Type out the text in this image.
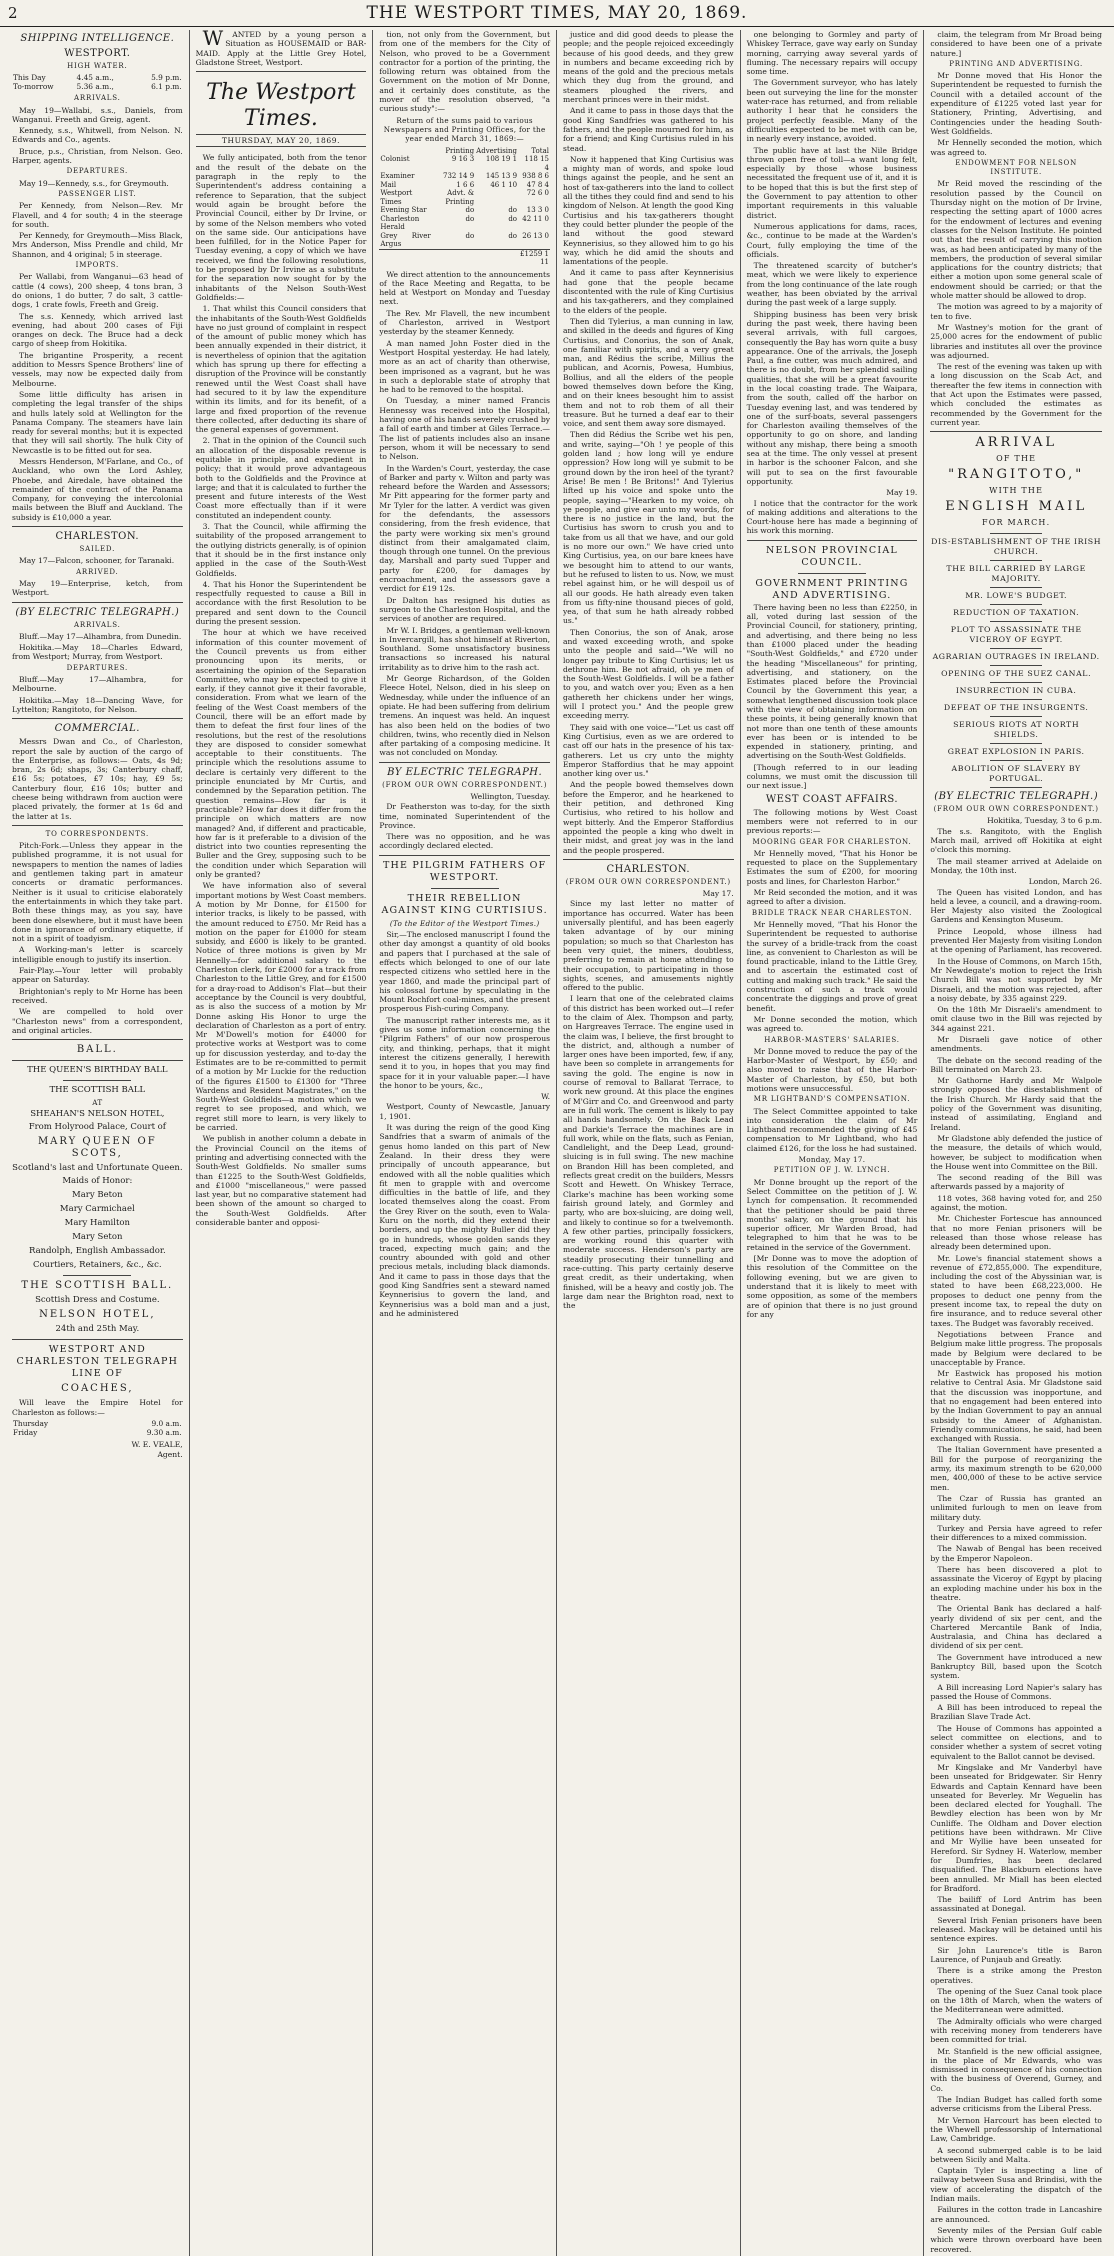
2	THE WESTPORT TIMES, MAY 20, 1869.
SHIPPING INTELLIGENCE.
WESTPORT.
HIGH WATER.
This Day	4.45 a.m.,	5.9 p.m.
To-morrow	5.36 a.m.,	6.1 p.m.
ARRIVALS.

May 19—Wallabi, s.s., Daniels, from Wanganui. Freeth and Greig, agent.

Kennedy, s.s., Whitwell, from Nelson. N. Edwards and Co., agents.

Bruce, p.s., Christian, from Nelson. Geo. Harper, agents.

DEPARTURES.

May 19—Kennedy, s.s., for Greymouth.

PASSENGER LIST.

Per Kennedy, from Nelson—Rev. Mr Flavell, and 4 for south; 4 in the steerage for south.

Per Kennedy, for Greymouth—Miss Black, Mrs Anderson, Miss Prendle and child, Mr Shannon, and 4 original; 5 in steerage.

IMPORTS.

Per Wallabi, from Wanganui—63 head of cattle (4 cows), 200 sheep, 4 tons bran, 3 do onions, 1 do butter, 7 do salt, 3 cattle-dogs, 1 crate fowls, Freeth and Greig.

The s.s. Kennedy, which arrived last evening, had about 200 cases of Fiji oranges on deck. The Bruce had a deck cargo of sheep from Hokitika.

The brigantine Prosperity, a recent addition to Messrs Spence Brothers' line of vessels, may now be expected daily from Melbourne.

Some little difficulty has arisen in completing the legal transfer of the ships and hulls lately sold at Wellington for the Panama Company. The steamers have lain ready for several months; but it is expected that they will sail shortly. The hulk City of Newcastle is to be fitted out for sea.

Messrs Henderson, M'Farlane, and Co., of Auckland, who own the Lord Ashley, Phoebe, and Airedale, have obtained the remainder of the contract of the Panama Company, for conveying the intercolonial mails between the Bluff and Auckland. The subsidy is £10,000 a year.

CHARLESTON.
SAILED.

May 17—Falcon, schooner, for Taranaki.

ARRIVED.

May 19—Enterprise, ketch, from Westport.

(BY ELECTRIC TELEGRAPH.)
ARRIVALS.

Bluff.—May 17—Alhambra, from Dunedin.

Hokitika.—May 18—Charles Edward, from Westport; Murray, from Westport.

DEPARTURES.

Bluff.—May 17—Alhambra, for Melbourne.

Hokitika.—May 18—Dancing Wave, for Lyttelton; Rangitoto, for Nelson.

COMMERCIAL.

Messrs Dwan and Co., of Charleston, report the sale by auction of the cargo of the Enterprise, as follows:— Oats, 4s 9d; bran, 2s 6d; shaps, 3s; Canterbury chaff, £16 5s; potatoes, £7 10s; hay, £9 5s; Canterbury flour, £16 10s; butter and cheese being withdrawn from auction were placed privately, the former at 1s 6d and the latter at 1s.

TO CORRESPONDENTS.

Pitch-Fork.—Unless they appear in the published programme, it is not usual for newspapers to mention the names of ladies and gentlemen taking part in amateur concerts or dramatic performances. Neither is it usual to criticise elaborately the entertainments in which they take part. Both these things may, as you say, have been done elsewhere, but it must have been done in ignorance of ordinary etiquette, if not in a spirit of toadyism.

A Working-man's letter is scarcely intelligible enough to justify its insertion.

Fair-Play.—Your letter will probably appear on Saturday.

Brightonian's reply to Mr Horne has been received.

We are compelled to hold over "Charleston news" from a correspondent, and original articles.

BALL.
THE QUEEN'S BIRTHDAY BALL
THE SCOTTISH BALL
AT
SHEAHAN'S NELSON HOTEL,
From Holyrood Palace, Court of
MARY QUEEN OF SCOTS,
Scotland's last and Unfortunate Queen.
Maids of Honor:
Mary Beton
Mary Carmichael
Mary Hamilton
Mary Seton
Randolph, English Ambassador.
Courtiers, Retainers, &c., &c.
THE SCOTTISH BALL.
Scottish Dress and Costume.
NELSON HOTEL,
24th and 25th May.
WESTPORT AND CHARLESTON TELEGRAPH LINE OF
COACHES,

Will leave the Empire Hotel for Charleston as follows:—

Thursday	9.0 a.m.
Friday	9.30 a.m.
W. E. VEALE,
Agent.

WANTED by a young person a Situation as HOUSEMAID or BAR-MAID. Apply at the Little Grey Hotel, Gladstone Street, Westport.

The Westport Times.
THURSDAY, MAY 20, 1869.

We fully anticipated, both from the tenor and the result of the debate on the paragraph in the reply to the Superintendent's address containing a reference to Separation, that the subject would again be brought before the Provincial Council, either by Dr Irvine, or by some of the Nelson members who voted on the same side. Our anticipations have been fulfilled, for in the Notice Paper for Tuesday evening, a copy of which we have received, we find the following resolutions, to be proposed by Dr Irvine as a substitute for the separation now sought for by the inhabitants of the Nelson South-West Goldfields:—

1. That whilst this Council considers that the inhabitants of the South-West Goldfields have no just ground of complaint in respect of the amount of public money which has been annually expended in their district, it is nevertheless of opinion that the agitation which has sprung up there for effecting a disruption of the Province will be constantly renewed until the West Coast shall have had secured to it by law the expenditure within its limits, and for its benefit, of a large and fixed proportion of the revenue there collected, after deducting its share of the general expenses of government.

2. That in the opinion of the Council such an allocation of the disposable revenue is equitable in principle, and expedient in policy; that it would prove advantageous both to the Goldfields and the Province at large; and that it is calculated to further the present and future interests of the West Coast more effectually than if it were constituted an independent county.

3. That the Council, while affirming the suitability of the proposed arrangement to the outlying districts generally, is of opinion that it should be in the first instance only applied in the case of the South-West Goldfields.

4. That his Honor the Superintendent be respectfully requested to cause a Bill in accordance with the first Resolution to be prepared and sent down to the Council during the present session.

The hour at which we have received information of this counter movement of the Council prevents us from either pronouncing upon its merits, or ascertaining the opinion of the Separation Committee, who may be expected to give it early, if they cannot give it their favorable, consideration. From what we learn of the feeling of the West Coast members of the Council, there will be an effort made by them to defeat the first four lines of the resolutions, but the rest of the resolutions they are disposed to consider somewhat acceptable to their constituents. The principle which the resolutions assume to declare is certainly very different to the principle enunciated by Mr Curtis, and condemned by the Separation petition. The question remains—How far is it practicable? How far does it differ from the principle on which matters are now managed? And, if different and practicable, how far is it preferable to a division of the district into two counties representing the Buller and the Grey, supposing such to be the condition under which Separation will only be granted?

We have information also of several important motions by West Coast members. A motion by Mr Donne, for £1500 for interior tracks, is likely to be passed, with the amount reduced to £750. Mr Reid has a motion on the paper for £1000 for steam subsidy, and £600 is likely to be granted. Notice of three motions is given by Mr Hennelly—for additional salary to the Charleston clerk, for £2000 for a track from Charleston to the Little Grey, and for £1500 for a dray-road to Addison's Flat—but their acceptance by the Council is very doubtful, as is also the success of a motion by Mr Donne asking His Honor to urge the declaration of Charleston as a port of entry. Mr M'Dowell's motion for £4000 for protective works at Westport was to come up for discussion yesterday, and to-day the Estimates are to be re-committed to permit of a motion by Mr Luckie for the reduction of the figures £1500 to £1300 for "Three Wardens and Resident Magistrates," on the South-West Goldfields—a motion which we regret to see proposed, and which, we regret still more to learn, is very likely to be carried.

We publish in another column a debate in the Provincial Council on the items of printing and advertising connected with the South-West Goldfields. No smaller sums than £1225 to the South-West Goldfields, and £1000 "miscellaneous," were passed last year, but no comparative statement had been shown of the amount so charged to the South-West Goldfields. After considerable banter and opposi-

tion, not only from the Government, but from one of the members for the City of Nelson, who proved to be a Government contractor for a portion of the printing, the following return was obtained from the Government on the motion of Mr Donne, and it certainly does constitute, as the mover of the resolution observed, "a curious study":—

Return of the sums paid to various Newspapers and Printing Offices, for the year ended March 31, 1869:—
	Printing	Advertising	Total
Colonist	9 16 3	108 19 1	118 15 4
Examiner	732 14 9	145 13 9	938 8 6
Mail	1 6 6	46 1 10	47 8 4
Westport Times	Advt. & Printing		72 6 0
Evening Star	do	do	13 3 0
Charleston Herald	do	do	42 11 0
Grey River Argus	do	do	26 13 0
			£1259 1 11

We direct attention to the announcements of the Race Meeting and Regatta, to be held at Westport on Monday and Tuesday next.

The Rev. Mr Flavell, the new incumbent of Charleston, arrived in Westport yesterday by the steamer Kennedy.

A man named John Foster died in the Westport Hospital yesterday. He had lately, more as an act of charity than otherwise, been imprisoned as a vagrant, but he was in such a deplorable state of atrophy that he had to be removed to the hospital.

On Tuesday, a miner named Francis Hennessy was received into the Hospital, having one of his hands severely crushed by a fall of earth and timber at Giles Terrace.—The list of patients includes also an insane person, whom it will be necessary to send to Nelson.

In the Warden's Court, yesterday, the case of Barker and party v. Wilton and party was reheard before the Warden and Assessors; Mr Pitt appearing for the former party and Mr Tyler for the latter. A verdict was given for the defendants, the assessors considering, from the fresh evidence, that the party were working six men's ground distinct from their amalgamated claim, though through one tunnel. On the previous day, Marshall and party sued Tupper and party for £200, for damages by encroachment, and the assessors gave a verdict for £19 12s.

Dr Dalton has resigned his duties as surgeon to the Charleston Hospital, and the services of another are required.

Mr W. I. Bridges, a gentleman well-known in Invercargill, has shot himself at Riverton, Southland. Some unsatisfactory business transactions so increased his natural irritability as to drive him to the rash act.

Mr George Richardson, of the Golden Fleece Hotel, Nelson, died in his sleep on Wednesday, while under the influence of an opiate. He had been suffering from delirium tremens. An inquest was held. An inquest has also been held on the bodies of two children, twins, who recently died in Nelson after partaking of a composing medicine. It was not concluded on Monday.

BY ELECTRIC TELEGRAPH.
(FROM OUR OWN CORRESPONDENT.)
Wellington, Tuesday.

Dr Featherston was to-day, for the sixth time, nominated Superintendent of the Province.

There was no opposition, and he was accordingly declared elected.

THE PILGRIM FATHERS OF WESTPORT.
THEIR REBELLION AGAINST KING CURTISIUS.
(To the Editor of the Westport Times.)

Sir,—The enclosed manuscript I found the other day amongst a quantity of old books and papers that I purchased at the sale of effects which belonged to one of our late respected citizens who settled here in the year 1860, and made the principal part of his colossal fortune by speculating in the Mount Rochfort coal-mines, and the present prosperous Fish-curing Company.

The manuscript rather interests me, as it gives us some information concerning the "Pilgrim Fathers" of our now prosperous city, and thinking, perhaps, that it might interest the citizens generally, I herewith send it to you, in hopes that you may find space for it in your valuable paper.—I have the honor to be yours, &c.,

W.

Westport, County of Newcastle, January 1, 1901.

It was during the reign of the good King Sandfries that a swarm of animals of the genus homo landed on this part of New Zealand. In their dress they were principally of uncouth appearance, but endowed with all the noble qualities which fit men to grapple with and overcome difficulties in the battle of life, and they located themselves along the coast. From the Grey River on the south, even to Wala-Kuru on the north, did they extend their borders, and up the mighty Buller did they go in hundreds, whose golden sands they traced, expecting much gain; and the country abounded with gold and other precious metals, including black diamonds. And it came to pass in those days that the good King Sandfries sent a steward named Keynnerisius to govern the land, and Keynnerisius was a bold man and a just, and he administered

justice and did good deeds to please the people; and the people rejoiced exceedingly because of his good deeds, and they grew in numbers and became exceeding rich by means of the gold and the precious metals which they dug from the ground, and steamers ploughed the rivers, and merchant princes were in their midst.

And it came to pass in those days that the good King Sandfries was gathered to his fathers, and the people mourned for him, as for a friend; and King Curtisius ruled in his stead.

Now it happened that King Curtisius was a mighty man of words, and spoke loud things against the people, and he sent an host of tax-gatherers into the land to collect all the tithes they could find and send to his kingdom of Nelson. At length the good King Curtisius and his tax-gatherers thought they could better plunder the people of the land without the good steward Keynnerisius, so they allowed him to go his way, which he did amid the shouts and lamentations of the people.

And it came to pass after Keynnerisius had gone that the people became discontented with the rule of King Curtisius and his tax-gatherers, and they complained to the elders of the people.

Then did Tylerius, a man cunning in law, and skilled in the deeds and figures of King Curtisius, and Conorius, the son of Anak, one familiar with spirits, and a very great man, and Rédius the scribe, Millius the publican, and Acornis, Powesa, Humbius, Bollius, and all the elders of the people bowed themselves down before the King, and on their knees besought him to assist them and not to rob them of all their treasure. But he turned a deaf ear to their voice, and sent them away sore dismayed.

Then did Rédius the Scribe wet his pen, and write, saying—"Oh ! ye people of this golden land ; how long will ye endure oppression? How long will ye submit to be ground down by the iron heel of the tyrant? Arise! Be men ! Be Britons!" And Tylerius lifted up his voice and spoke unto the people, saying—"Hearken to my voice, oh ye people, and give ear unto my words, for there is no justice in the land, but the Curtisius has sworn to crush you and to take from us all that we have, and our gold is no more our own." We have cried unto King Curtisius, yea, on our bare knees have we besought him to attend to our wants, but he refused to listen to us. Now, we must rebel against him, or he will despoil us of all our goods. He hath already even taken from us fifty-nine thousand pieces of gold, yea, of that sum he hath already robbed us."

Then Conorius, the son of Anak, arose and waxed exceeding wroth, and spoke unto the people and said—"We will no longer pay tribute to King Curtisius; let us dethrone him. Be not afraid, oh ye men of the South-West Goldfields. I will be a father to you, and watch over you; Even as a hen gathereth her chickens under her wings, will I protect you." And the people grew exceeding merry.

They said with one voice—"Let us cast off King Curtisius, even as we are ordered to cast off our hats in the presence of his tax-gatherers. Let us cry unto the mighty Emperor Staffordius that he may appoint another king over us."

And the people bowed themselves down before the Emperor, and he hearkened to their petition, and dethroned King Curtisius, who retired to his hollow and wept bitterly. And the Emperor Staffordius appointed the people a king who dwelt in their midst, and great joy was in the land and the people prospered.

CHARLESTON.
(FROM OUR OWN CORRESPONDENT.)
May 17.

Since my last letter no matter of importance has occurred. Water has been universally plentiful, and has been eagerly taken advantage of by our mining population; so much so that Charleston has been very quiet, the miners, doubtless, preferring to remain at home attending to their occupation, to participating in those sights, scenes, and amusements nightly offered to the public.

I learn that one of the celebrated claims of this district has been worked out—I refer to the claim of Alex. Thompson and party, on Hargreaves Terrace. The engine used in the claim was, I believe, the first brought to the district, and, although a number of larger ones have been imported, few, if any, have been so complete in arrangements for saving the gold. The engine is now in course of removal to Ballarat Terrace, to work new ground. At this place the engines of M'Girr and Co. and Greenwood and party are in full work. The cement is likely to pay all hands handsomely. On the Back Lead and Darkie's Terrace the machines are in full work, while on the flats, such as Fenian, Candlelight, and the Deep Lead, ground-sluicing is in full swing. The new machine on Brandon Hill has been completed, and reflects great credit on the builders, Messrs Scott and Hewett. On Whiskey Terrace, Clarke's machine has been working some fairish ground lately, and Gormley and party, who are box-sluicing, are doing well, and likely to continue so for a twelvemonth. A few other parties, principally fossickers, are working round this quarter with moderate success. Henderson's party are steadily prosecuting their tunnelling and race-cutting. This party certainly deserve great credit, as their undertaking, when finished, will be a heavy and costly job. The large dam near the Brighton road, next to the

one belonging to Gormley and party of Whiskey Terrace, gave way early on Sunday morning, carrying away several yards of fluming. The necessary repairs will occupy some time.

The Government surveyor, who has lately been out surveying the line for the monster water-race has returned, and from reliable authority I hear that he considers the project perfectly feasible. Many of the difficulties expected to be met with can be, in nearly every instance, avoided.

The public have at last the Nile Bridge thrown open free of toll—a want long felt, especially by those whose business necessitated the frequent use of it, and it is to be hoped that this is but the first step of the Government to pay attention to other important requirements in this valuable district.

Numerous applications for dams, races, &c., continue to be made at the Warden's Court, fully employing the time of the officials.

The threatened scarcity of butcher's meat, which we were likely to experience from the long continuance of the late rough weather, has been obviated by the arrival during the past week of a large supply.

Shipping business has been very brisk during the past week, there having been several arrivals, with full cargoes, consequently the Bay has worn quite a busy appearance. One of the arrivals, the Joseph Paul, a fine cutter, was much admired, and there is no doubt, from her splendid sailing qualities, that she will be a great favourite in the local coasting trade. The Waipara, from the south, called off the harbor on Tuesday evening last, and was tendered by one of the surf-boats, several passengers for Charleston availing themselves of the opportunity to go on shore, and landing without any mishap, there being a smooth sea at the time. The only vessel at present in harbor is the schooner Falcon, and she will put to sea on the first favourable opportunity.

May 19.

I notice that the contractor for the work of making additions and alterations to the Court-house here has made a beginning of his work this morning.

NELSON PROVINCIAL COUNCIL.
GOVERNMENT PRINTING AND ADVERTISING.

There having been no less than £2250, in all, voted during last session of the Provincial Council, for stationery, printing, and advertising, and there being no less than £1000 placed under the heading "South-West Goldfields," and £720 under the heading "Miscellaneous" for printing, advertising, and stationery, on the Estimates placed before the Provincial Council by the Government this year, a somewhat lengthened discussion took place with the view of obtaining information on these points, it being generally known that not more than one tenth of these amounts ever has been or is intended to be expended in stationery, printing, and advertising on the South-West Goldfields.

[Though referred to in our leading columns, we must omit the discussion till our next issue.]

WEST COAST AFFAIRS.

The following motions by West Coast members were not referred to in our previous reports:—

MOORING GEAR FOR CHARLESTON.

Mr Hennelly moved, "That his Honor be requested to place on the Supplementary Estimates the sum of £200, for mooring posts and lines, for Charleston Harbor."

Mr Reid seconded the motion, and it was agreed to after a division.

BRIDLE TRACK NEAR CHARLESTON.

Mr Hennelly moved, "That his Honor the Superintendent be requested to authorise the survey of a bridle-track from the coast line, as convenient to Charleston as will be found practicable, inland to the Little Grey, and to ascertain the estimated cost of cutting and making such track." He said the construction of such a track would concentrate the diggings and prove of great benefit.

Mr Donne seconded the motion, which was agreed to.

HARBOR-MASTERS' SALARIES.

Mr Donne moved to reduce the pay of the Harbor-Master of Westport, by £50; and also moved to raise that of the Harbor-Master of Charleston, by £50, but both motions were unsuccessful.

MR LIGHTBAND'S COMPENSATION.

The Select Committee appointed to take into consideration the claim of Mr Lightband recommended the giving of £45 compensation to Mr Lightband, who had claimed £126, for the loss he had sustained.

Monday, May 17.
PETITION OF J. W. LYNCH.

Mr Donne brought up the report of the Select Committee on the petition of J. W. Lynch for compensation. It recommended that the petitioner should be paid three months' salary, on the ground that his superior officer, Mr Warden Broad, had telegraphed to him that he was to be retained in the service of the Government.

[Mr Donne was to move the adoption of this resolution of the Committee on the following evening, but we are given to understand that it is likely to meet with some opposition, as some of the members are of opinion that there is no just ground for any

claim, the telegram from Mr Broad being considered to have been one of a private nature.]

PRINTING AND ADVERTISING.

Mr Donne moved that His Honor the Superintendent be requested to furnish the Council with a detailed account of the expenditure of £1225 voted last year for Stationery, Printing, Advertising, and Contingencies under the heading South-West Goldfields.

Mr Hennelly seconded the motion, which was agreed to.

ENDOWMENT FOR NELSON INSTITUTE.

Mr Reid moved the rescinding of the resolution passed by the Council on Thursday night on the motion of Dr Irvine, respecting the setting apart of 1000 acres for the endowment of lectures and evening classes for the Nelson Institute. He pointed out that the result of carrying this motion was, as had been anticipated by many of the members, the production of several similar applications for the country districts; that either a motion upon some general scale of endowment should be carried; or that the whole matter should be allowed to drop.

The motion was agreed to by a majority of ten to five.

Mr Wastney's motion for the grant of 25,000 acres for the endowment of public libraries and institutes all over the province was adjourned.

The rest of the evening was taken up with a long discussion on the Scab Act, and thereafter the few items in connection with that Act upon the Estimates were passed, which concluded the estimates as recommended by the Government for the current year.

ARRIVAL
OF THE
"RANGITOTO,"
WITH THE
ENGLISH MAIL
FOR MARCH.
DIS-ESTABLISHMENT OF THE IRISH CHURCH.
THE BILL CARRIED BY LARGE MAJORITY.
MR. LOWE'S BUDGET.
REDUCTION OF TAXATION.
PLOT TO ASSASSINATE THE VICEROY OF EGYPT.
AGRARIAN OUTRAGES IN IRELAND.
OPENING OF THE SUEZ CANAL.
INSURRECTION IN CUBA.
DEFEAT OF THE INSURGENTS.
SERIOUS RIOTS AT NORTH SHIELDS.
GREAT EXPLOSION IN PARIS.
ABOLITION OF SLAVERY BY PORTUGAL.
(BY ELECTRIC TELEGRAPH.)
(FROM OUR OWN CORRESPONDENT.)
Hokitika, Tuesday, 3 to 6 p.m.

The s.s. Rangitoto, with the English March mail, arrived off Hokitika at eight o'clock this morning.

The mail steamer arrived at Adelaide on Monday, the 10th inst.

London, March 26.

The Queen has visited London, and has held a levee, a council, and a drawing-room. Her Majesty also visited the Zoological Gardens and Kensington Museum.

Prince Leopold, whose illness had prevented Her Majesty from visiting London at the opening of Parliament, has recovered.

In the House of Commons, on March 15th, Mr Newdegate's motion to reject the Irish Church Bill was not supported by Mr Disraeli, and the motion was rejected, after a noisy debate, by 335 against 229.

On the 18th Mr Disraeli's amendment to omit clause two in the Bill was rejected by 344 against 221.

Mr Disraeli gave notice of other amendments.

The debate on the second reading of the Bill terminated on March 23.

Mr Gathorne Hardy and Mr Walpole strongly opposed the disestablishment of the Irish Church. Mr Hardy said that the policy of the Government was disuniting, instead of assimilating, England and Ireland.

Mr Gladstone ably defended the justice of the measure, the details of which would, however, be subject to modification when the House went into Committee on the Bill.

The second reading of the Bill was afterwards passed by a majority of

118 votes, 368 having voted for, and 250 against, the motion.

Mr. Chichester Fortescue has announced that no more Fenian prisoners will be released than those whose release has already been determined upon.

Mr. Lowe's financial statement shows a revenue of £72,855,000. The expenditure, including the cost of the Abyssinian war, is stated to have been £68,223,000. He proposes to deduct one penny from the present income tax, to repeal the duty on fire insurance, and to reduce several other taxes. The Budget was favorably received.

Negotiations between France and Belgium make little progress. The proposals made by Belgium were declared to be unacceptable by France.

Mr Eastwick has proposed his motion relative to Central Asia. Mr Gladstone said that the discussion was inopportune, and that no engagement had been entered into by the Indian Government to pay an annual subsidy to the Ameer of Afghanistan. Friendly communications, he said, had been exchanged with Russia.

The Italian Government have presented a Bill for the purpose of reorganizing the army, its maximum strength to be 620,000 men, 400,000 of these to be active service men.

The Czar of Russia has granted an unlimited furlough to men on leave from military duty.

Turkey and Persia have agreed to refer their differences to a mixed commission.

The Nawab of Bengal has been received by the Emperor Napoleon.

There has been discovered a plot to assassinate the Viceroy of Egypt by placing an exploding machine under his box in the theatre.

The Oriental Bank has declared a half-yearly dividend of six per cent, and the Chartered Mercantile Bank of India, Australasia, and China has declared a dividend of six per cent.

The Government have introduced a new Bankruptcy Bill, based upon the Scotch system.

A Bill increasing Lord Napier's salary has passed the House of Commons.

A Bill has been introduced to repeal the Brazilian Slave Trade Act.

The House of Commons has appointed a select committee on elections, and to consider whether a system of secret voting equivalent to the Ballot cannot be devised.

Mr Kingslake and Mr Vanderbyl have been unseated for Bridgewater. Sir Henry Edwards and Captain Kennard have been unseated for Beverley. Mr Weguelin has been declared elected for Youghall. The Bewdley election has been won by Mr Cunliffe. The Oldham and Dover election petitions have been withdrawn. Mr Clive and Mr Wyllie have been unseated for Hereford. Sir Sydney H. Waterlow, member for Dumfries, has been declared disqualified. The Blackburn elections have been annulled. Mr Miall has been elected for Bradford.

The bailiff of Lord Antrim has been assassinated at Donegal.

Several Irish Fenian prisoners have been released. Mackay will be detained until his sentence expires.

Sir John Laurence's title is Baron Laurence, of Punjaub and Greatly.

There is a strike among the Preston operatives.

The opening of the Suez Canal took place on the 18th of March, when the waters of the Mediterranean were admitted.

The Admiralty officials who were charged with receiving money from tenderers have been committed for trial.

Mr. Stanfield is the new official assignee, in the place of Mr Edwards, who was dismissed in consequence of his connection with the business of Overend, Gurney, and Co.

The Indian Budget has called forth some adverse criticisms from the Liberal Press.

Mr Vernon Harcourt has been elected to the Whewell professorship of International Law, Cambridge.

A second submerged cable is to be laid between Sicily and Malta.

Captain Tyler is inspecting a line of railway between Susa and Brindisi, with the view of accelerating the dispatch of the Indian mails.

Failures in the cotton trade in Lancashire are announced.

Seventy miles of the Persian Gulf cable which were thrown overboard have been recovered.
